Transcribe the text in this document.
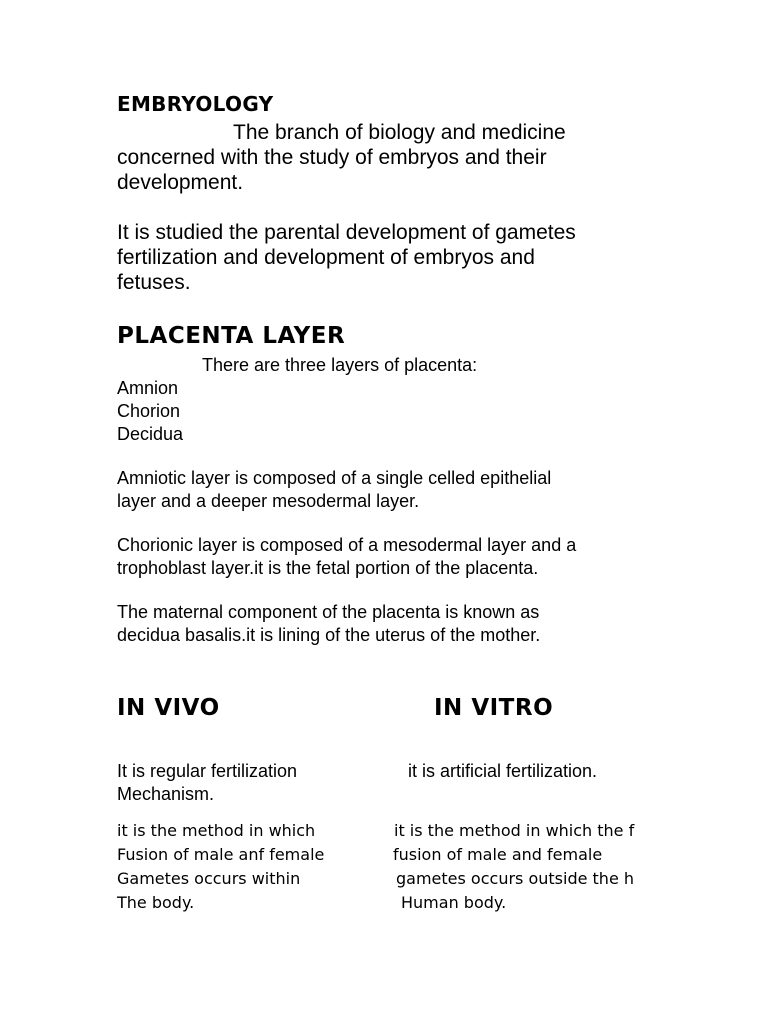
EMBRYOLOGY
The branch of biology and medicine
concerned with the study of embryos and their
development.
It is studied the parental development of gametes
fertilization and development of embryos and
fetuses.
PLACENTA LAYER
There are three layers of placenta:
Amnion
Chorion
Decidua
Amniotic layer is composed of a single celled epithelial
layer and a deeper mesodermal layer.
Chorionic layer is composed of a mesodermal layer and a
trophoblast layer.it is the fetal portion of the placenta.
The maternal component of the placenta is known as
decidua basalis.it is lining of the uterus of the mother.
IN VIVO	IN VITRO
It is regular fertilization
Mechanism.
it is artificial fertilization.
it is the method in which
Fusion of male anf female
Gametes occurs within
The body.
it is the method in which the f
fusion of male and female
gametes occurs outside the h
Human body.
